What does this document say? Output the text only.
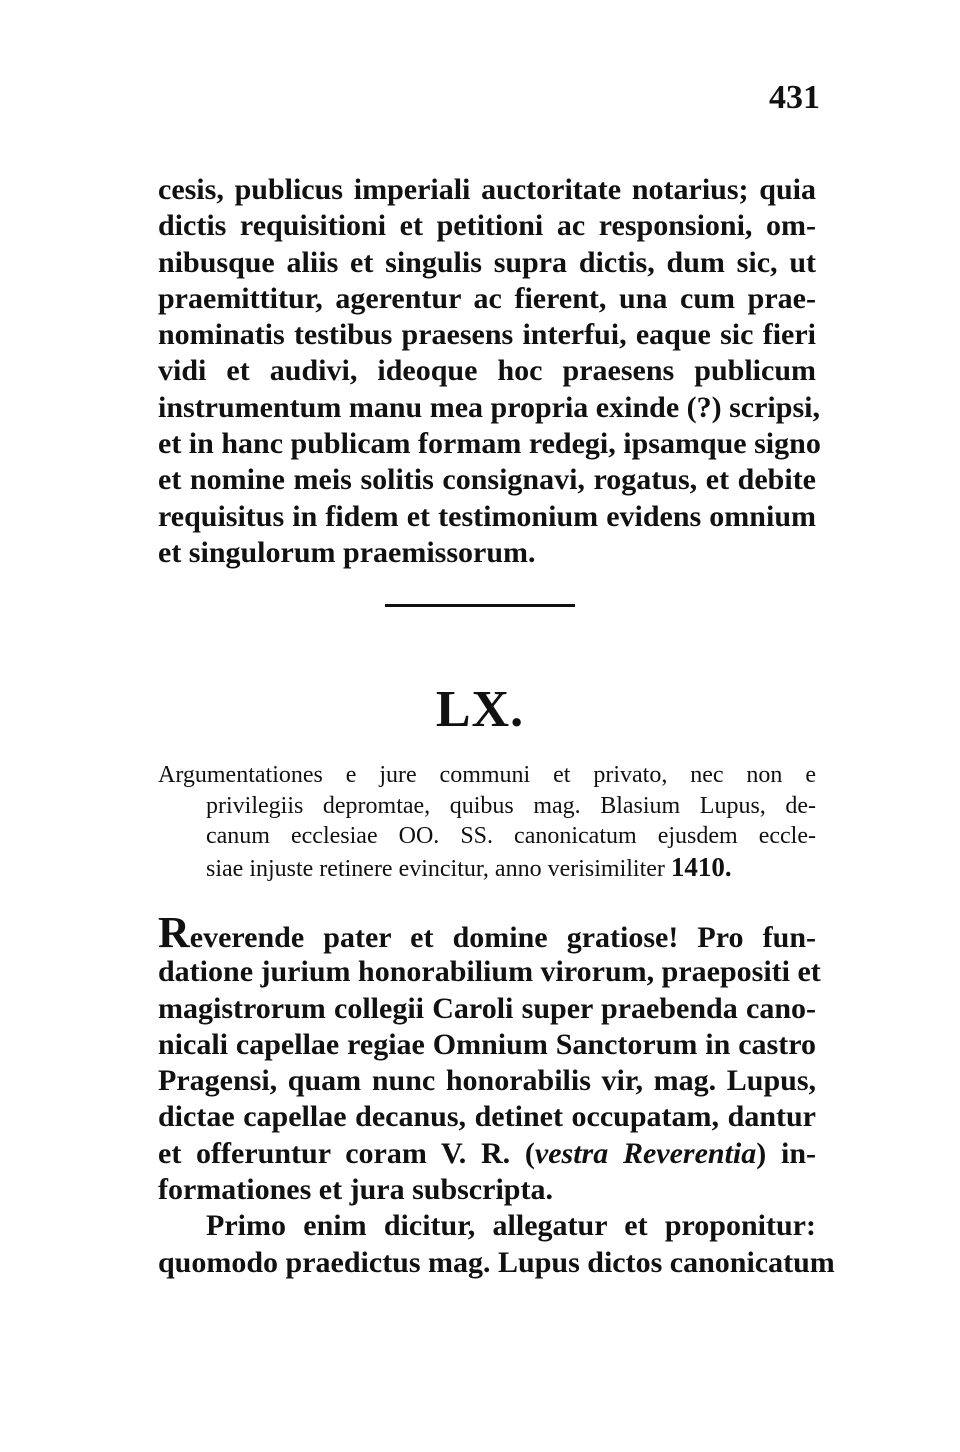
431
cesis, publicus imperiali auctoritate notarius; quia
dictis requisitioni et petitioni ac responsioni, om-
nibusque aliis et singulis supra dictis, dum sic, ut
praemittitur, agerentur ac fierent, una cum prae-
nominatis testibus praesens interfui, eaque sic fieri
vidi et audivi, ideoque hoc praesens publicum
instrumentum manu mea propria exinde (?) scripsi,
et in hanc publicam formam redegi, ipsamque signo
et nomine meis solitis consignavi, rogatus, et debite
requisitus in fidem et testimonium evidens omnium
et singulorum praemissorum.
LX.
Argumentationes e jure communi et privato, nec non e
privilegiis depromtae, quibus mag. Blasium Lupus, de-
canum ecclesiae OO. SS. canonicatum ejusdem eccle-
siae injuste retinere evincitur, anno verisimiliter 1410.
Reverende pater et domine gratiose! Pro fun-
datione jurium honorabilium virorum, praepositi et
magistrorum collegii Caroli super praebenda cano-
nicali capellae regiae Omnium Sanctorum in castro
Pragensi, quam nunc honorabilis vir, mag. Lupus,
dictae capellae decanus, detinet occupatam, dantur
et offeruntur coram V. R. (vestra Reverentia) in-
formationes et jura subscripta.
Primo enim dicitur, allegatur et proponitur:
quomodo praedictus mag. Lupus dictos canonicatum
